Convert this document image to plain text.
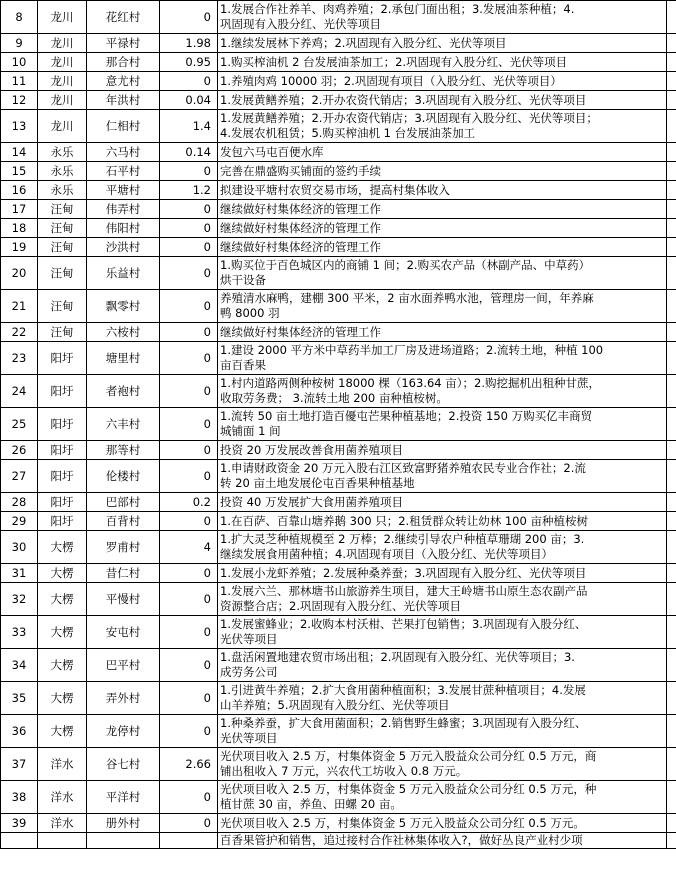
8	龙川	花红村	0	1.发展合作社养羊、肉鸡养殖；2.承包门面出租；3.发展油茶种植；4.
巩固现有入股分红、光伏等项目	

9	龙川	平禄村	1.98	1.继续发展林下养鸡；2.巩固现有入股分红、光伏等项目	

10	龙川	那合村	0.95	1.购买榨油机 2 台发展油茶加工；2.巩固现有入股分红、光伏等项目	

11	龙川	意尤村	0	1.养殖肉鸡 10000 羽；2.巩固现有项目（入股分红、光伏等项目）	

12	龙川	年洪村	0.04	1.发展黄鳝养殖；2.开办农资代销店；3.巩固现有入股分红、光伏等项目	

13	龙川	仁相村	1.4	1.发展黄鳝养殖；2.开办农资代销店；3.巩固现有入股分红、光伏等项目；
4.发展农机租赁；5.购买榨油机 1 台发展油茶加工	

14	永乐	六马村	0.14	发包六马屯百便水库	

15	永乐	石平村	0	完善在鼎盛购买铺面的签约手续	

16	永乐	平塘村	1.2	拟建设平塘村农贸交易市场，提高村集体收入	

17	汪甸	伟弄村	0	继续做好村集体经济的管理工作	

18	汪甸	伟阳村	0	继续做好村集体经济的管理工作	

19	汪甸	沙洪村	0	继续做好村集体经济的管理工作	

20	汪甸	乐益村	0	1.购买位于百色城区内的商铺 1 间；2.购买农产品（林副产品、中草药）
烘干设备	

21	汪甸	飘零村	0	养殖清水麻鸭，建棚 300 平米，2 亩水面养鸭水池，管理房一间，年养麻
鸭 8000 羽	

22	汪甸	六桉村	0	继续做好村集体经济的管理工作	

23	阳圩	塘里村	0	1.建设 2000 平方米中草药半加工厂房及进场道路；2.流转土地，种植 100
亩百香果	

24	阳圩	者袍村	0	1.村内道路两侧种桉树 18000 棵（163.64 亩）；2.购挖掘机出租种甘蔗，
收取劳务费； 3.流转土地 200 亩种植桉树。	

25	阳圩	六丰村	0	1.流转 50 亩土地打造百優屯芒果种植基地；2.投资 150 万购买亿丰商贸
城铺面 1 间	

26	阳圩	那等村	0	投资 20 万发展改善食用菌养殖项目	

27	阳圩	伦楼村	0	1.申请财政资金 20 万元入股右江区致富野猪养殖农民专业合作社；2.流
转 20 亩土地发展伦屯百香果种植基地	

28	阳圩	巴部村	0.2	投资 40 万发展扩大食用菌养殖项目	

29	阳圩	百背村	0	1.在百萨、百靠山塘养鹅 300 只；2.租赁群众转让幼林 100 亩种植桉树	

30	大楞	罗甫村	4	1.扩大灵芝种植规模至 2 万棒；2.继续引导农户种植草珊瑚 200 亩；3.
继续发展食用菌种植；4.巩固现有项目（入股分红、光伏等项目）	

31	大楞	昔仁村	0	1.发展小龙虾养殖；2.发展种桑养蚕；3.巩固现有入股分红、光伏等项目	

32	大楞	平慢村	0	1.发展六兰、那林塘书山旅游养生项目，建大王岭塘书山原生态农副产品
资源整合店；2.巩固现有入股分红、光伏等项目	

33	大楞	安屯村	0	1.发展蜜蜂业；2.收购本村沃柑、芒果打包销售；3.巩固现有入股分红、
光伏等项目	

34	大楞	巴平村	0	1.盘活闲置地建农贸市场出租；2.巩固现有入股分红、光伏等项目；3.
成劳务公司	

35	大楞	弄外村	0	1.引进黄牛养殖；2.扩大食用菌种植面积；3.发展甘蔗种植项目；4.发展
山羊养殖；5.巩固现有入股分红、光伏等项目	

36	大楞	龙停村	0	1.种桑养蚕，扩大食用菌面积；2.销售野生蜂蜜；3.巩固现有入股分红、
光伏等项目	

37	洋水	谷七村	2.66	光伏项目收入 2.5 万，村集体资金 5 万元入股益众公司分红 0.5 万元，商
铺出租收入 7 万元，兴农代工坊收入 0.8 万元。	

38	洋水	平洋村	0	光伏项目收入 2.5 万，村集体资金 5 万元入股益众公司分红 0.5 万元，种
植甘蔗 30 亩，养鱼、田螺 20 亩。	

39	洋水	册外村	0	光伏项目收入 2.5 万，村集体资金 5 万元入股益众公司分红 0.5 万元。	

				百香果管护和销售，追过接村合作社林集体收入?，做好丛良产业村少项	
